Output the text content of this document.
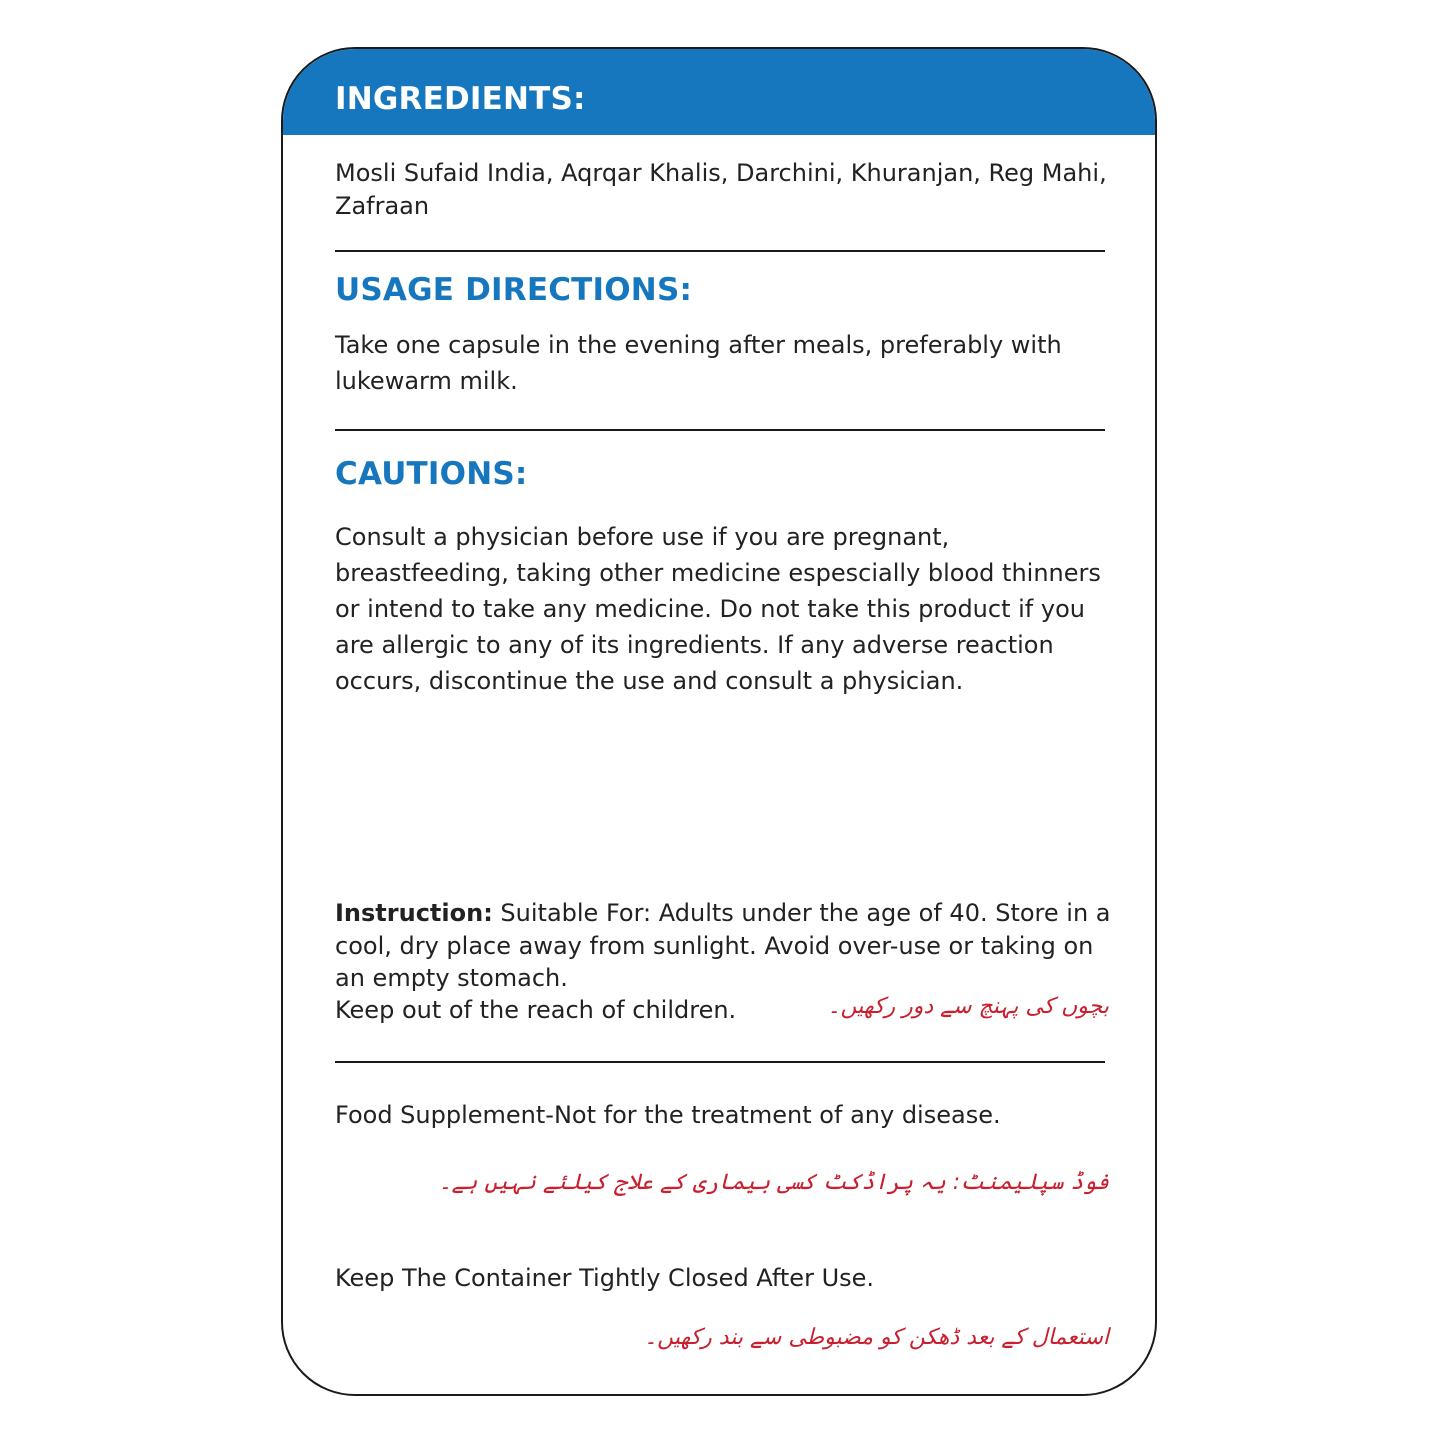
INGREDIENTS:

Mosli Sufaid India, Aqrqar Khalis, Darchini, Khuranjan, Reg Mahi, Zafraan

USAGE DIRECTIONS:

Take one capsule in the evening after meals, preferably with lukewarm milk.

CAUTIONS:

Consult a physician before use if you are pregnant, breastfeeding, taking other medicine espescially blood thinners or intend to take any medicine. Do not take this product if you are allergic to any of its ingredients. If any adverse reaction occurs, discontinue the use and consult a physician.

Instruction: Suitable For: Adults under the age of 40. Store in a cool, dry place away from sunlight. Avoid over-use or taking on an empty stomach.

Keep out of the reach of children.	بچوں کی پہنچ سے دور رکھیں۔

Food Supplement-Not for the treatment of any disease.

فوڈ سپلیمنٹ: یہ پراڈکٹ کسی بیماری کے علاج کیلئے نہیں ہے۔

Keep The Container Tightly Closed After Use.

استعمال کے بعد ڈھکن کو مضبوطی سے بند رکھیں۔
